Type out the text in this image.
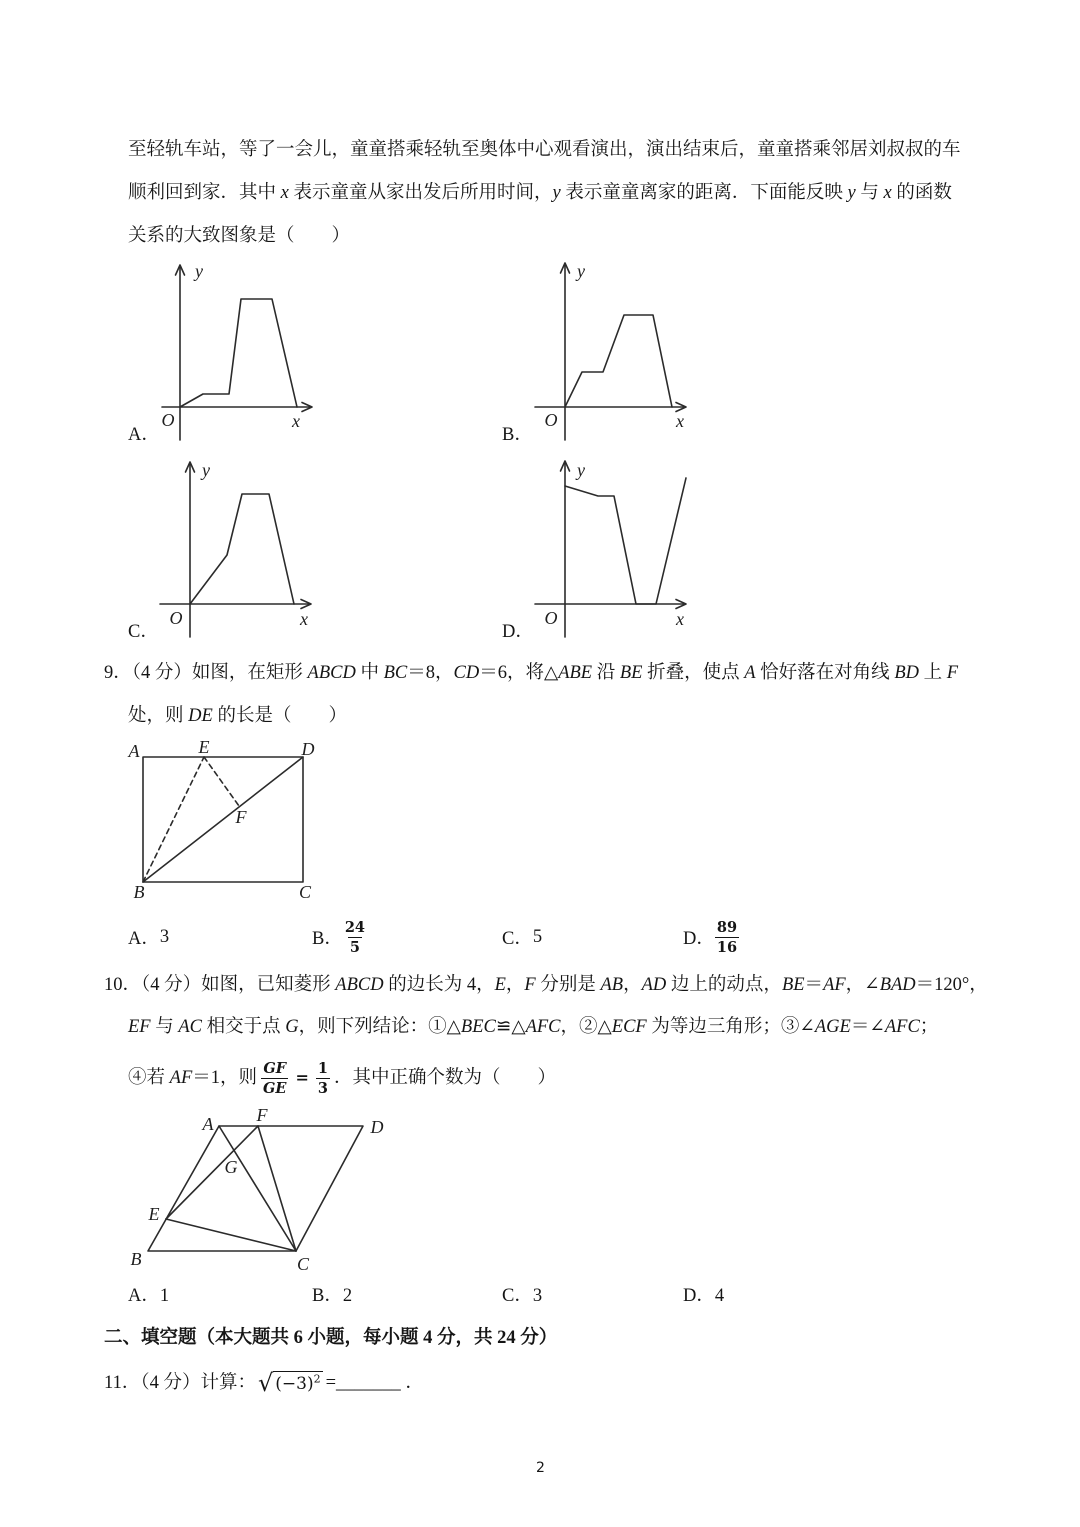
y
O	x
y
O	x
y
O	x
y
O	x
A	E	D
F
B	C
A F
D
G
E
B	C
至轻轨车站，等了一会儿，童童搭乘轻轨至奥体中心观看演出，演出结束后，童童搭乘邻居刘叔叔的车
顺利回到家．其中 x 表示童童从家出发后所用时间，y 表示童童离家的距离．下面能反映 y 与 x 的函数
关系的大致图象是（　　）
A．	B．
C．	D．
9．（4 分）如图，在矩形 ABCD 中 BC＝8，CD＝6，将△ABE 沿 BE 折叠，使点 A 恰好落在对角线 BD 上 F
处，则 DE 的长是（　　）
A． 3	B． $\frac{24}{5}$	C． 5	D． $\frac{89}{16}$
10．（4 分）如图，已知菱形 ABCD 的边长为 4，E，F 分别是 AB，AD 边上的动点，BE＝AF，∠BAD＝120°，
EF 与 AC 相交于点 G，则下列结论：①△BEC≌△AFC，②△ECF 为等边三角形；③∠AGE＝∠AFC；
④若 AF＝1，则 $\frac{GF}{GE} = \frac{1}{3}$ ．其中正确个数为（　　）
A．1	B．2	C．3	D．4
二、填空题（本大题共 6 小题，每小题 4 分，共 24 分）
11．（4 分）计算： √ $(-3)^2$ = _______ ．
2
